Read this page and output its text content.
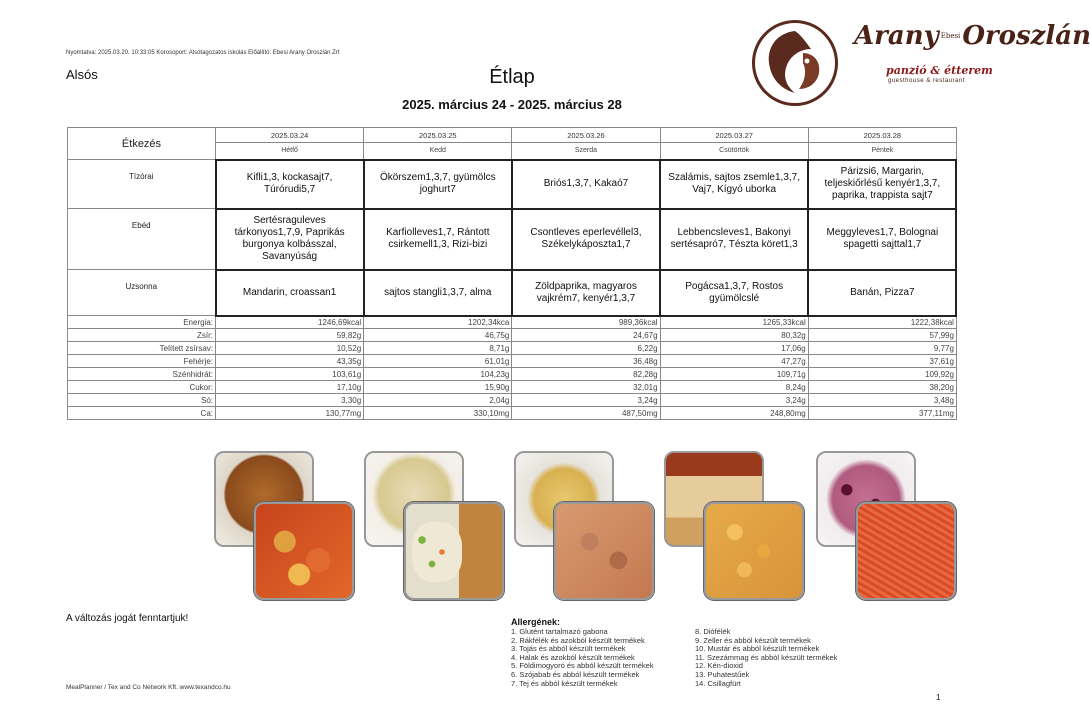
Nyomtatva: 2025.03.20. 10:33:05 Korosoport: Alsótagozatos iskolás Előállító: Ebesi Arany Oroszlán Zrt
Alsós	Étlap
2025. március 24 - 2025. március 28
Arany $^{Ebesi}$Oroszlán
panzió & étterem
guesthouse & restaurant
Étkezés	2025.03.24	2025.03.25	2025.03.26	2025.03.27	2025.03.28
	Hétfő	Kedd	Szerda	Csütörtök	Péntek
Tízórai	Kifli1,3, kockasajt7, Túrórudi5,7	Ökörszem1,3,7, gyümölcs joghurt7	Briós1,3,7, Kakaó7	Szalámis, sajtos zsemle1,3,7, Vaj7, Kígyó uborka	Párizsi6, Margarin, teljeskiőrlésű kenyér1,3,7, paprika, trappista sajt7
Ebéd	Sertésraguleves tárkonyos1,7,9, Paprikás burgonya kolbásszal, Savanyúság	Karfiolleves1,7, Rántott csirkemell1,3, Rizi-bizi	Csontleves eperlevéllel3, Székelykáposzta1,7	Lebbencsleves1, Bakonyi sertésapró7, Tészta köret1,3	Meggyleves1,7, Bolognai spagetti sajttal1,7
Uzsonna	Mandarin, croassan1	sajtos stangli1,3,7, alma	Zöldpaprika, magyaros vajkrém7, kenyér1,3,7	Pogácsa1,3,7, Rostos gyümölcslé	Banán, Pizza7
Energia:	1246,69kcal	1202,34kca	989,36kcal	1265,33kcal	1222,38kcal
Zsír:	59,82g	46,75g	24,67g	80,32g	57,99g
Telített zsírsav:	10,52g	8,71g	6,22g	17,06g	9,77g
Fehérje:	43,35g	61,01g	36,48g	47,27g	37,61g
Szénhidrát:	103,61g	104,23g	82,28g	109,71g	109,92g
Cukor:	17,10g	15,90g	32,01g	8,24g	38,20g
Só:	3,30g	2,04g	3,24g	3,24g	3,48g
Ca:	130,77mg	330,10mg	487,50mg	248,80mg	377,11mg
A változás jogát fenntartjuk!	Allergének:
1. Glutént tartalmazó gabona
2. Rákfélék és azokból készült termékek
3. Tojás és abból készült termékek
4. Halak és azokból készült termékek
5. Földimogyoró és abból készült termékek
6. Szójabab és abból készült termékek
7. Tej és abból készült termékek
8. Diófélék
9. Zeller és abból készült termékek
10. Mustár és abból készült termékek
11. Szezámmag és abból készült termékek
12. Kén-dioxid
13. Puhatestűek
14. Csillagfürt
MealPlanner / Tex and Co Network Kft. www.texandco.hu
1
